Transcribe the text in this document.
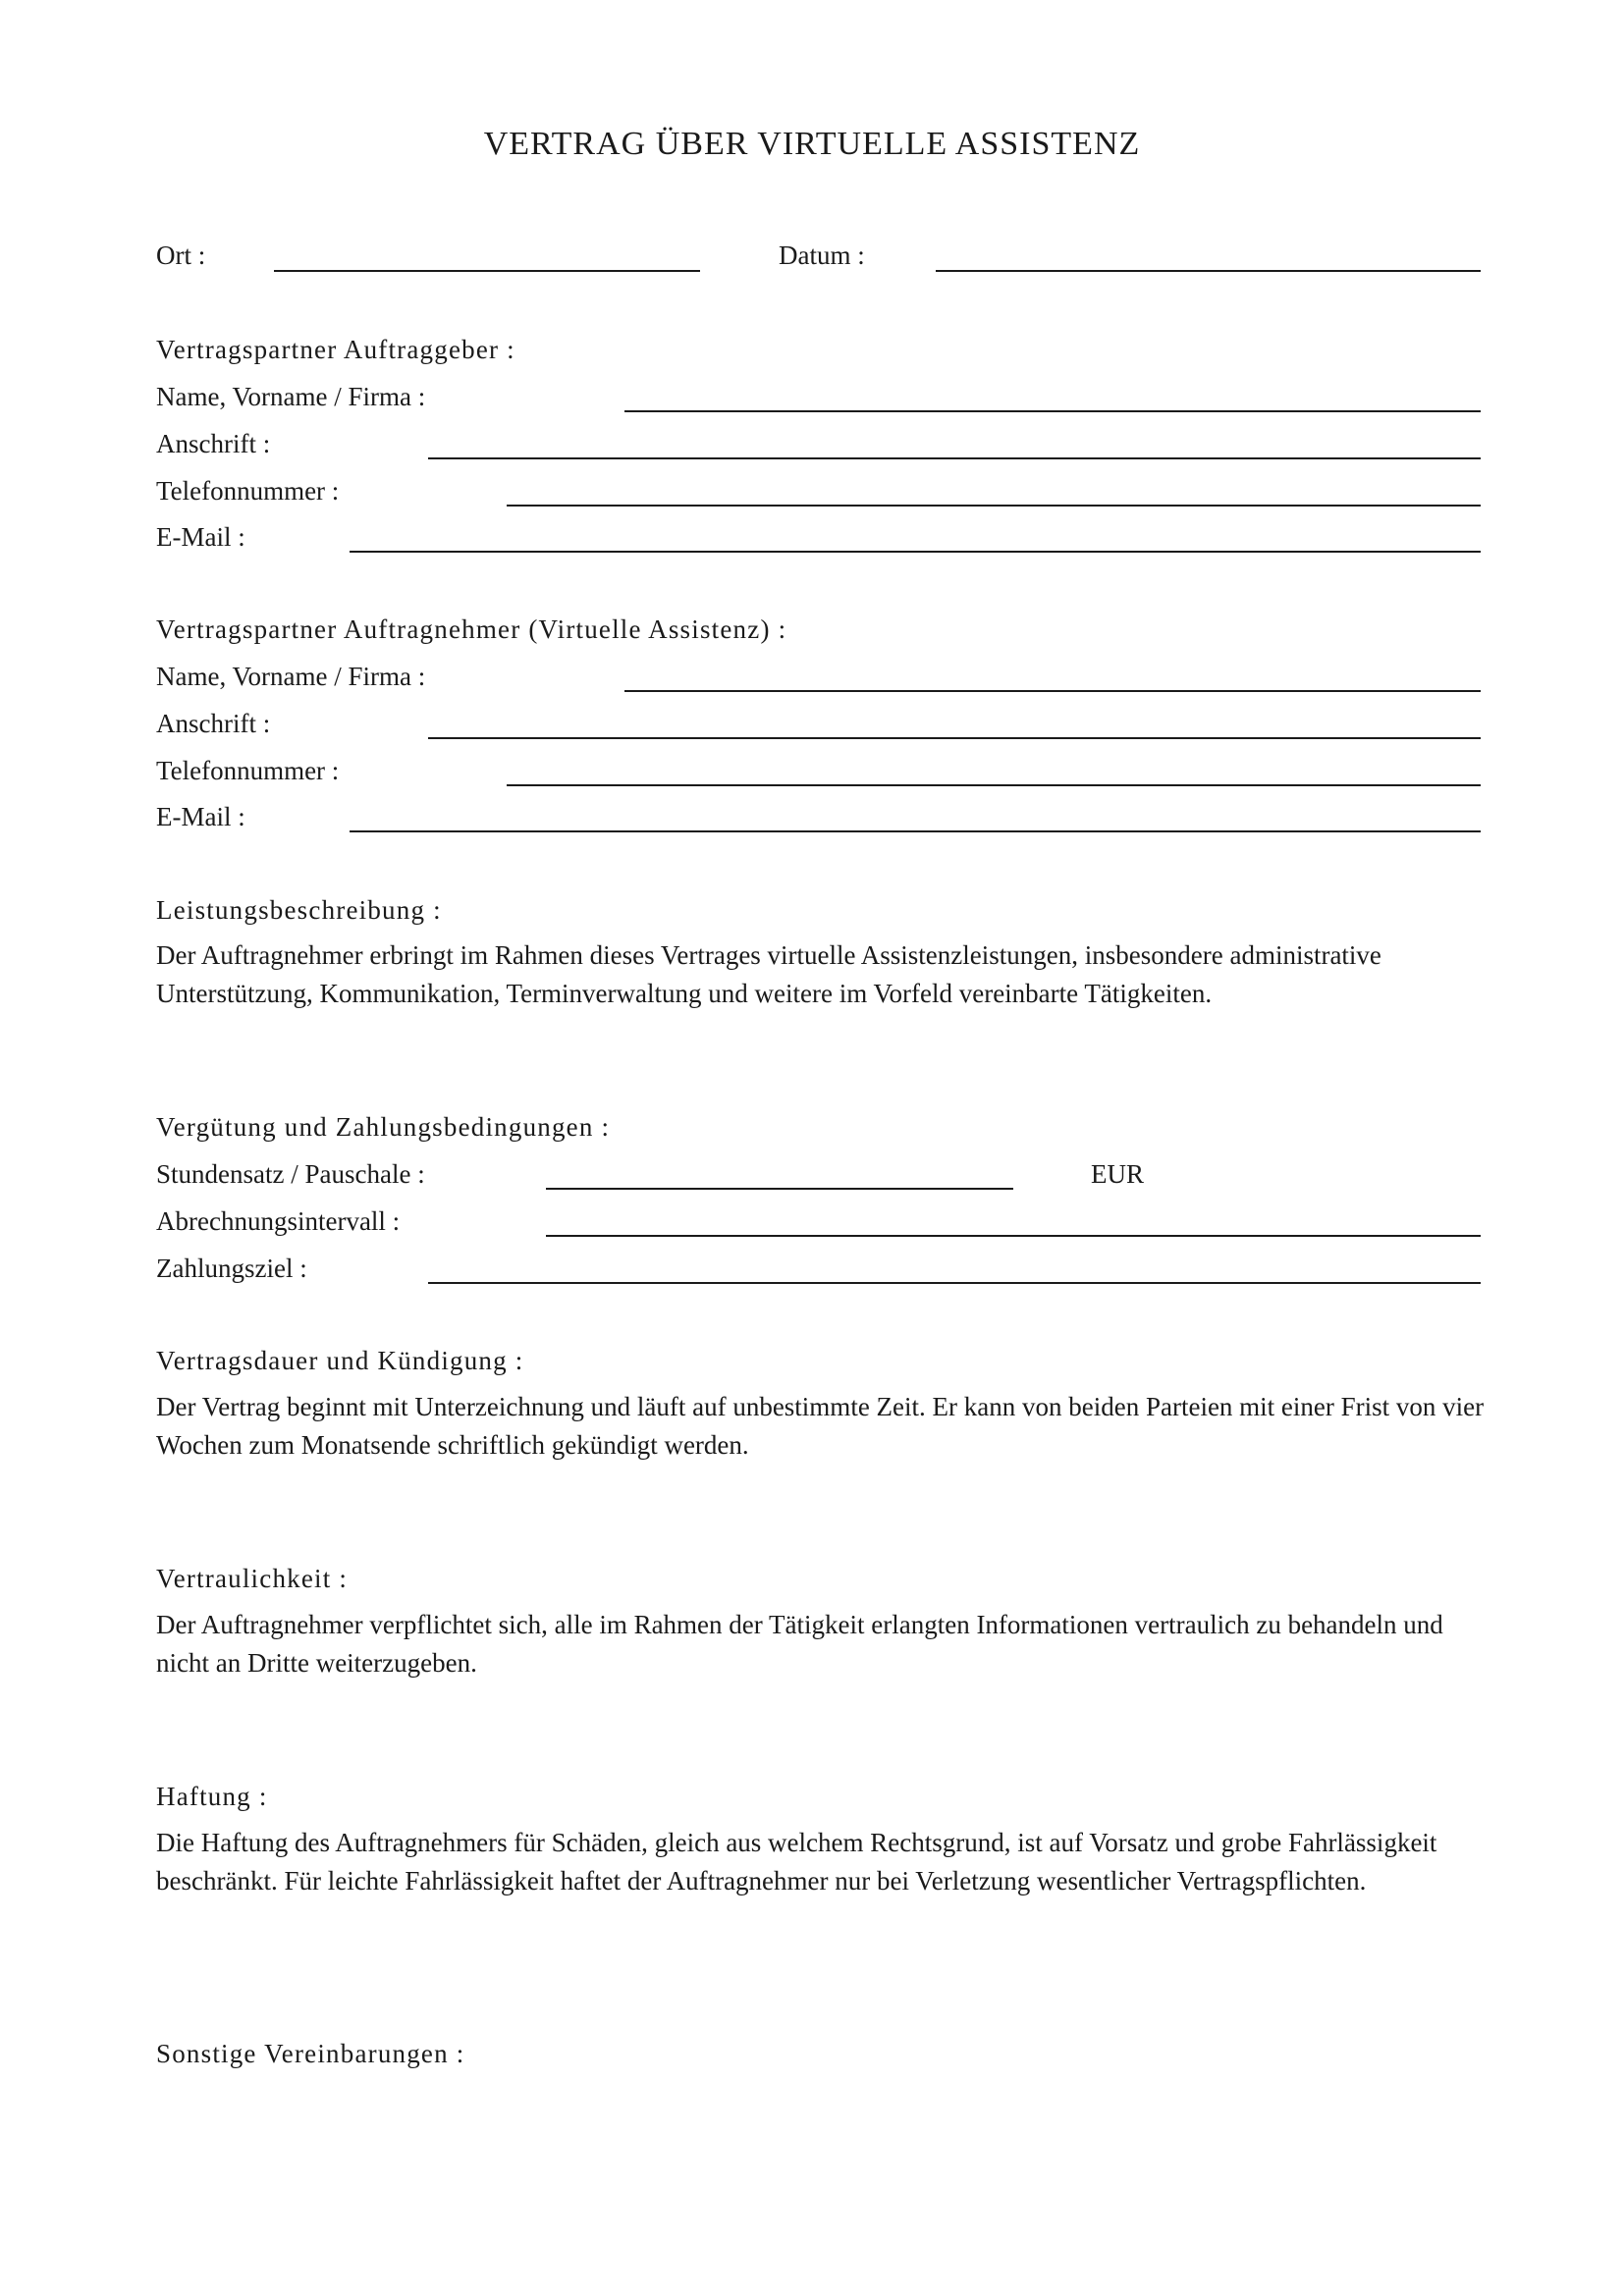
VERTRAG ÜBER VIRTUELLE ASSISTENZ
Ort :	Datum :
Vertragspartner Auftraggeber :
Name, Vorname / Firma :
Anschrift :
Telefonnummer :
E-Mail :
Vertragspartner Auftragnehmer (Virtuelle Assistenz) :
Name, Vorname / Firma :
Anschrift :
Telefonnummer :
E-Mail :
Leistungsbeschreibung :

Der Auftragnehmer erbringt im Rahmen dieses Vertrages virtuelle Assistenzleistungen, insbesondere administrative Unterstützung, Kommunikation, Terminverwaltung und weitere im Vorfeld vereinbarte Tätigkeiten.

Vergütung und Zahlungsbedingungen :
Stundensatz / Pauschale :	EUR
Abrechnungsintervall :
Zahlungsziel :
Vertragsdauer und Kündigung :

Der Vertrag beginnt mit Unterzeichnung und läuft auf unbestimmte Zeit. Er kann von beiden Parteien mit einer Frist von vier Wochen zum Monatsende schriftlich gekündigt werden.

Vertraulichkeit :

Der Auftragnehmer verpflichtet sich, alle im Rahmen der Tätigkeit erlangten Informationen vertraulich zu behandeln und nicht an Dritte weiterzugeben.

Haftung :

Die Haftung des Auftragnehmers für Schäden, gleich aus welchem Rechtsgrund, ist auf Vorsatz und grobe Fahrlässigkeit beschränkt. Für leichte Fahrlässigkeit haftet der Auftragnehmer nur bei Verletzung wesentlicher Vertragspflichten.

Sonstige Vereinbarungen :
